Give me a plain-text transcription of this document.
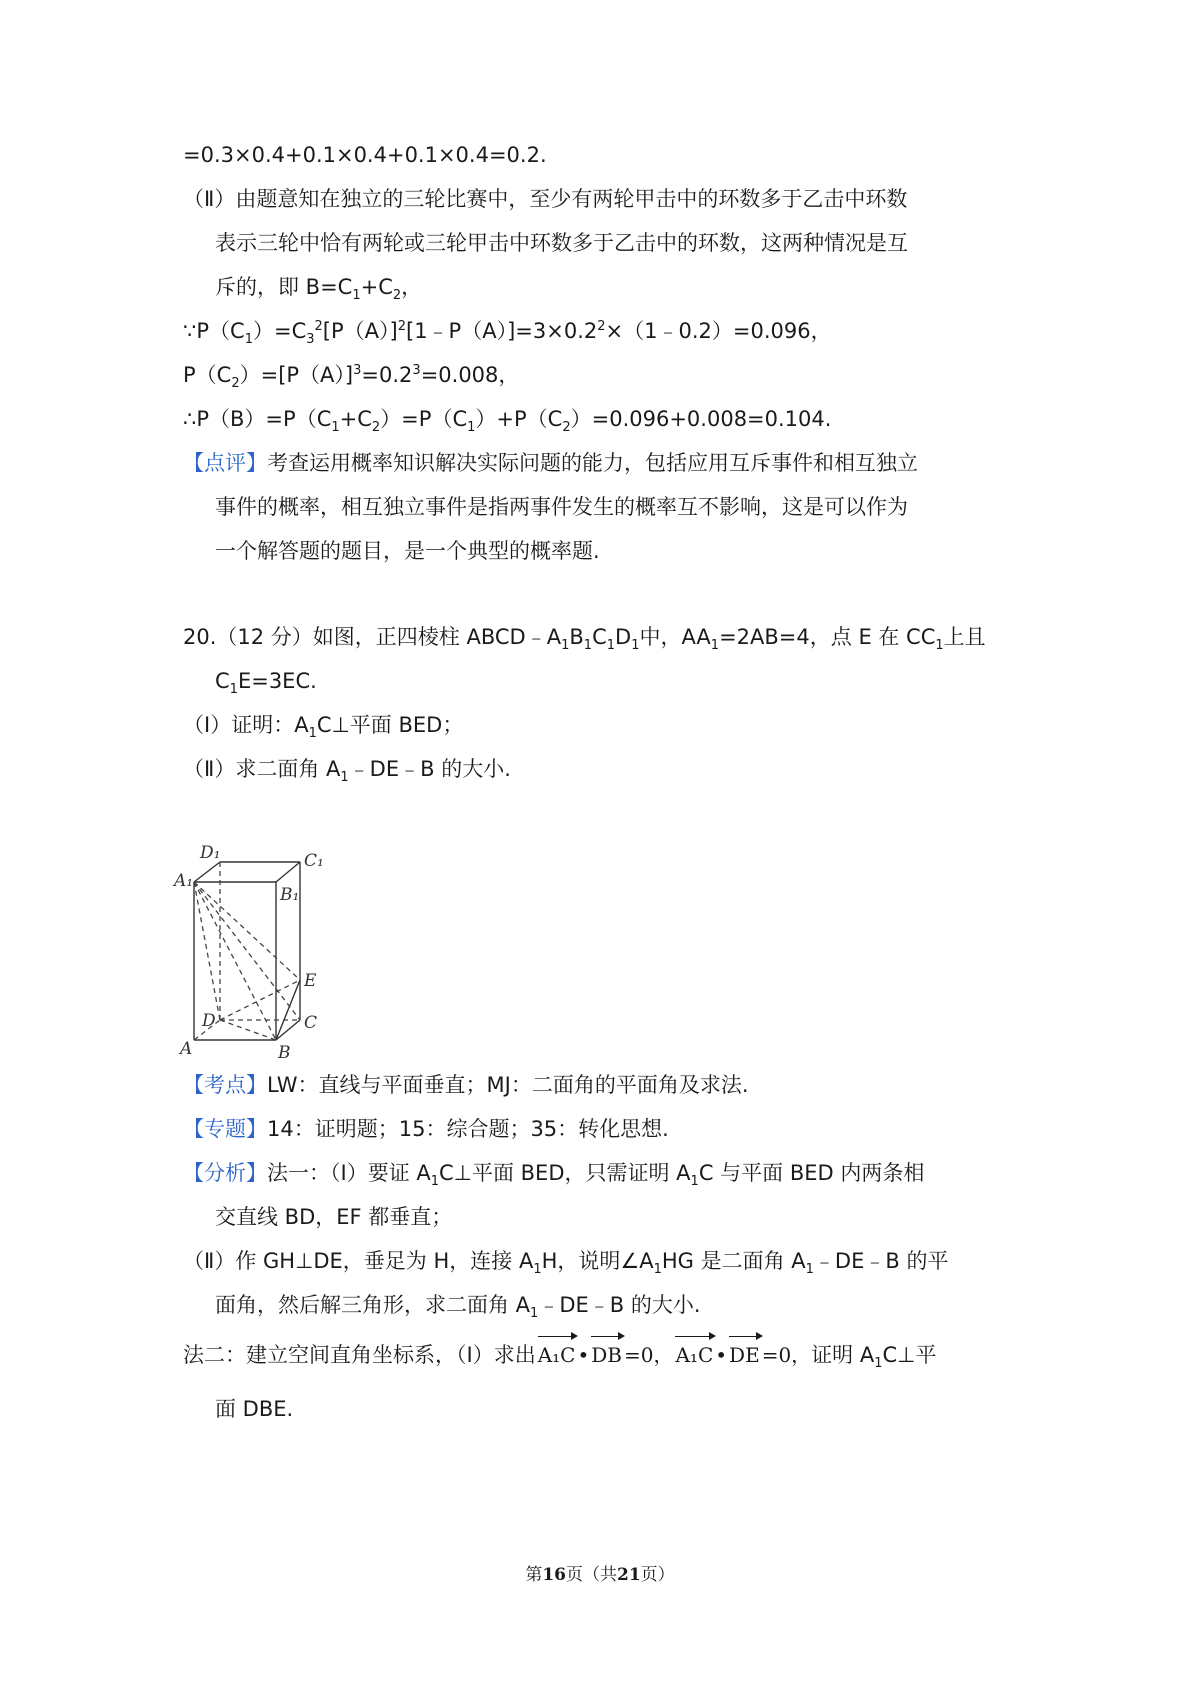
=0.3×0.4+0.1×0.4+0.1×0.4=0.2.
（Ⅱ）由题意知在独立的三轮比赛中，至少有两轮甲击中的环数多于乙击中环数
表示三轮中恰有两轮或三轮甲击中环数多于乙击中的环数，这两种情况是互
斥的，即 $B=C_1+C_2$，
$\because P(C_1)=C_3^2[P(A)]^2[1﹣P(A)]=3\times 0.2^2\times(1﹣0.2)=0.096$，
$P(C_2)=[P(A)]^3=0.2^3=0.008$，
$\therefore P(B)=P(C_1+C_2)=P(C_1)+P(C_2)=0.096+0.008=0.104$.
【点评】考查运用概率知识解决实际问题的能力，包括应用互斥事件和相互独立
事件的概率，相互独立事件是指两事件发生的概率互不影响，这是可以作为
一个解答题的题目，是一个典型的概率题.
20.（12 分）如图，正四棱柱 $ABCD﹣A_1B_1C_1D_1$中，$AA_1=2AB=4$，点 E 在 $CC_1$上且
$C_1E=3EC$.
（Ⅰ）证明：$A_1C\perp$平面 BED；
（Ⅱ）求二面角 $A_1﹣DE﹣B$ 的大小.
D₁	C₁
A₁
B₁
E
D	C
A	B
【考点】LW：直线与平面垂直；MJ：二面角的平面角及求法.
【专题】14：证明题；15：综合题；35：转化思想.
【分析】法一：（Ⅰ）要证 $A_1C\perp$平面 BED，只需证明 $A_1C$ 与平面 BED 内两条相
交直线 BD，EF 都垂直；
（Ⅱ）作 GH⊥DE，垂足为 H，连接 $A_1H$，说明$\angle A_1HG$ 是二面角 $A_1﹣DE﹣B$ 的平
面角，然后解三角形，求二面角 $A_1﹣DE﹣B$ 的大小.
法二：建立空间直角坐标系，（Ⅰ）求出 A₁C • DB =0， A₁C • DE =0，证明 $A_1C\perp$平
面 DBE.
第16页（共21页）
